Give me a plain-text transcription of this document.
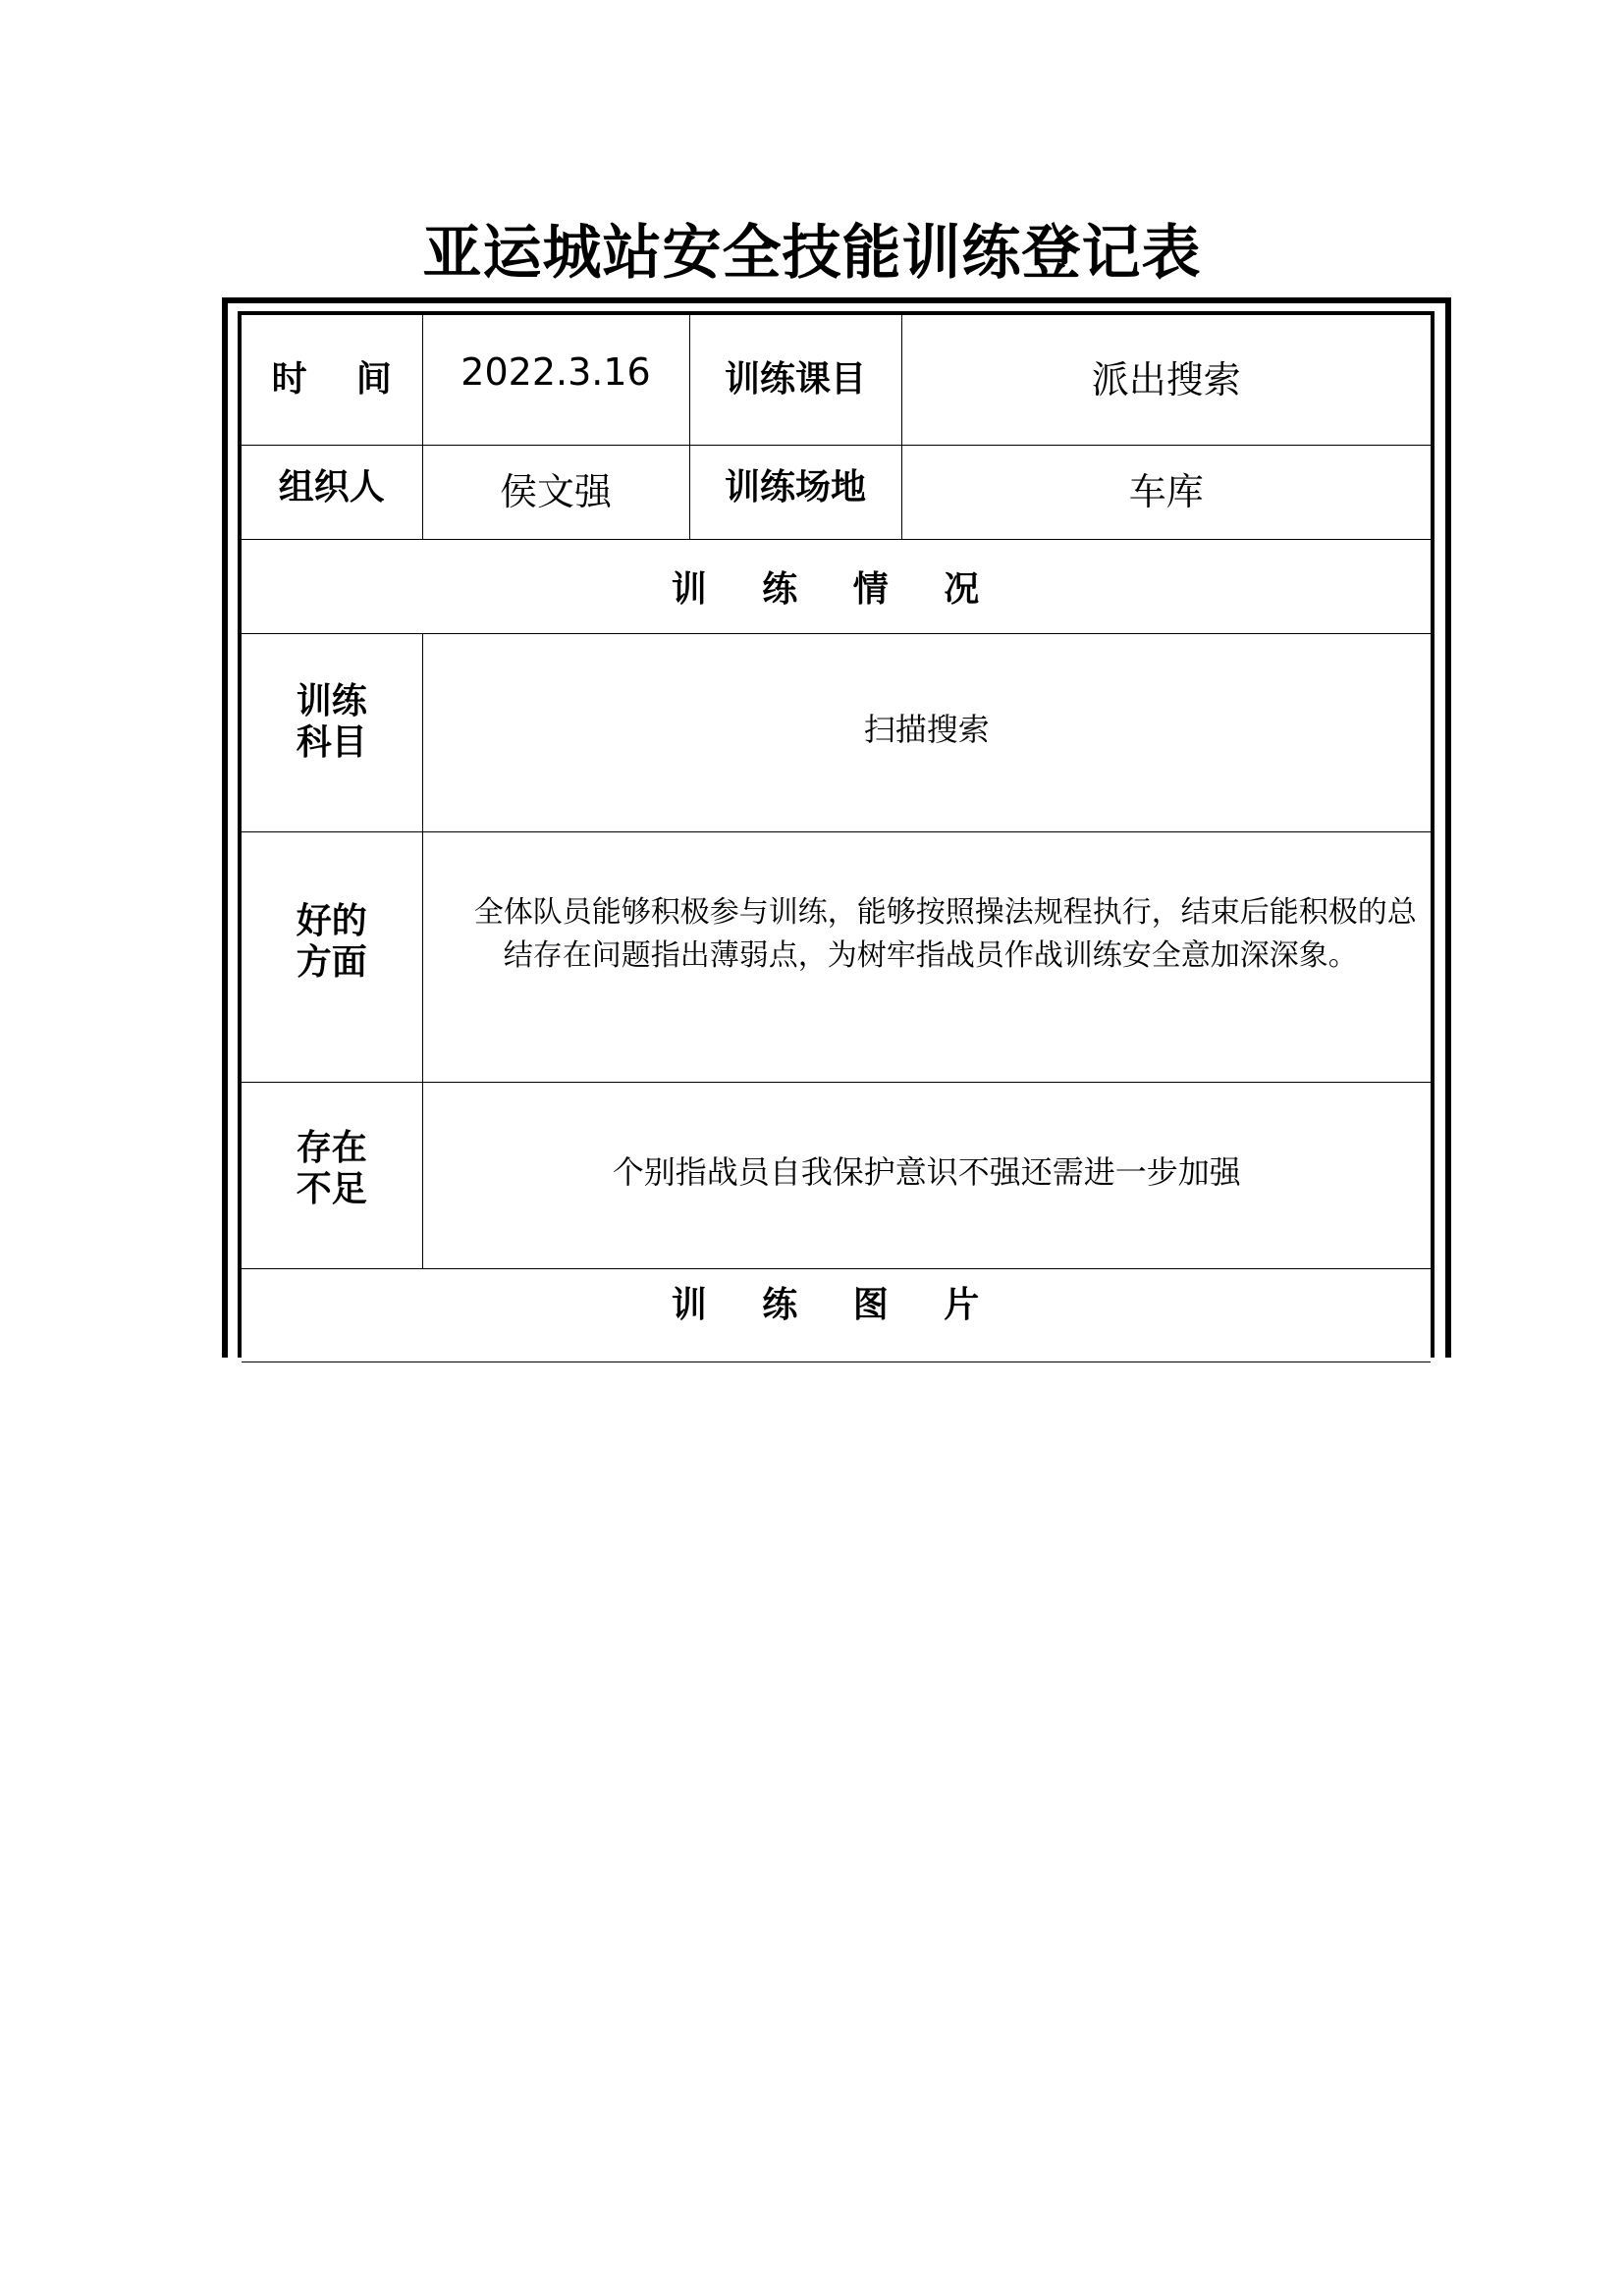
亚运城站安全技能训练登记表
时    间	2022.3.16	训练课目	派出搜索
组织人	侯文强	训练场地	车库
训 练 情 况			

训练
科目	扫描搜索		

好的
方面	全体队员能够积极参与训练，能够按照操法规程执行，结束后能积极的总结存在问题指出薄弱点，为树牢指战员作战训练安全意加深深象。		

存在
不足	个别指战员自我保护意识不强还需进一步加强		
训 练 图 片			
